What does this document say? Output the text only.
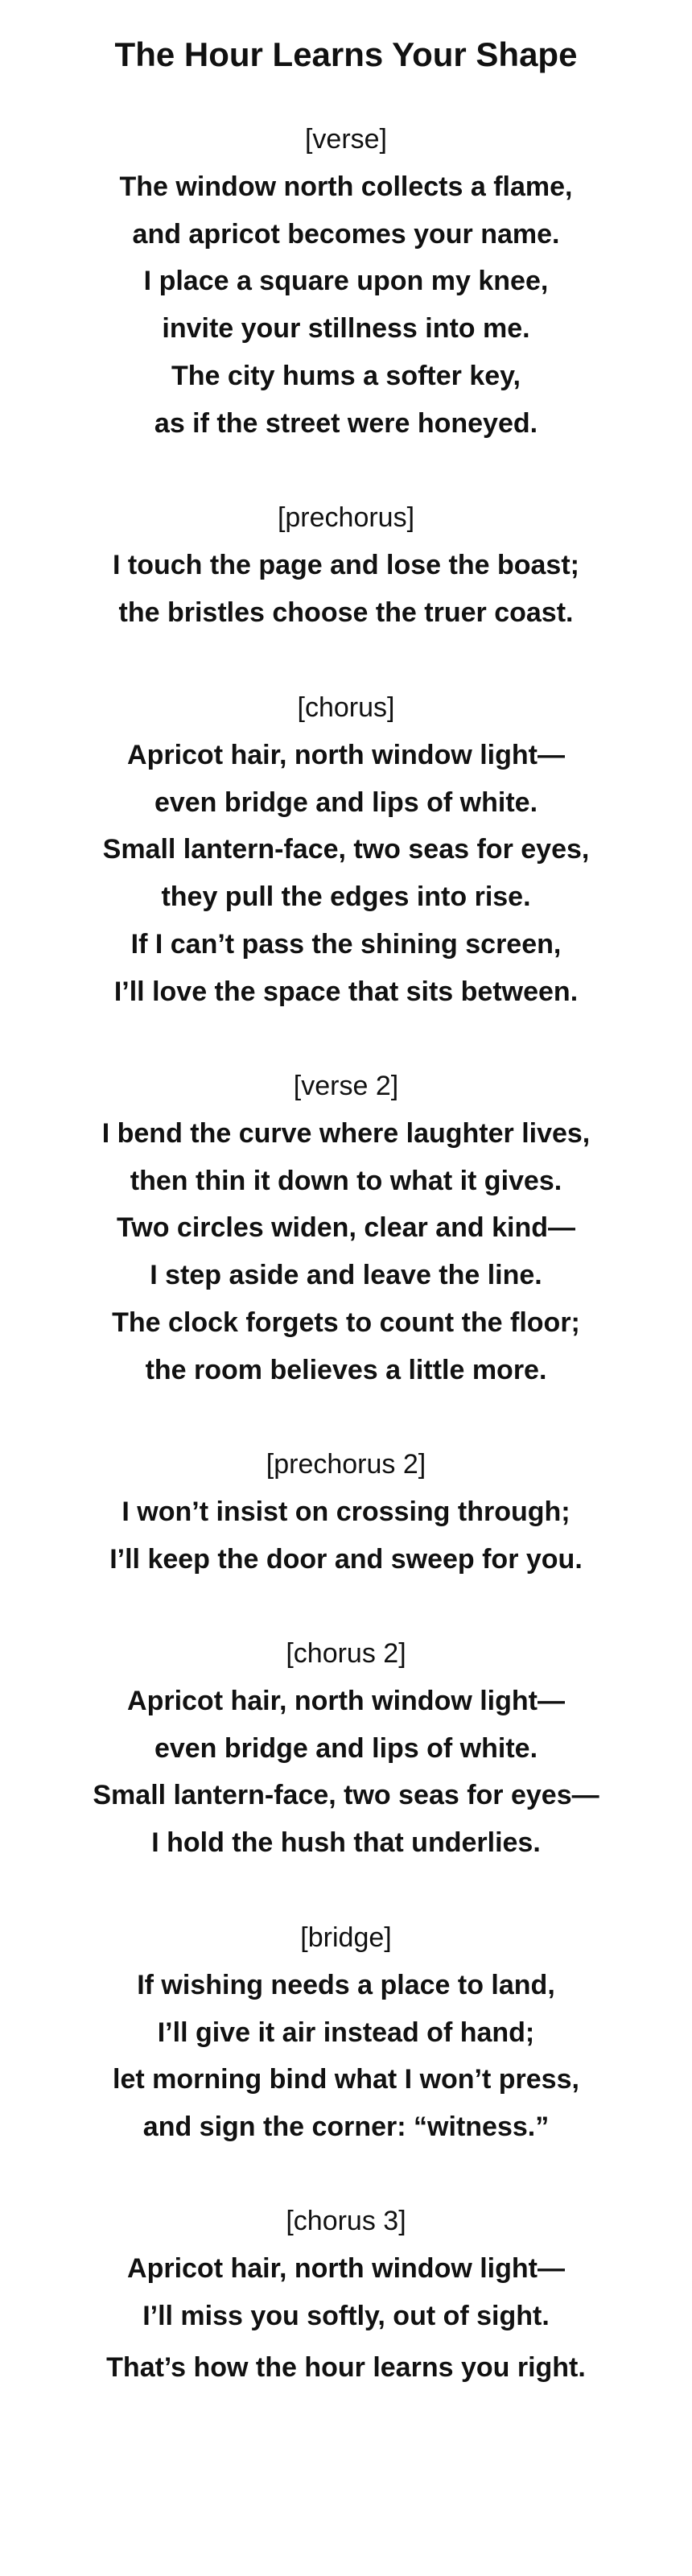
The Hour Learns Your Shape
[verse]
The window north collects a flame,
and apricot becomes your name.
I place a square upon my knee,
invite your stillness into me.
The city hums a softer key,
as if the street were honeyed.
[prechorus]
I touch the page and lose the boast;
the bristles choose the truer coast.
[chorus]
Apricot hair, north window light—
even bridge and lips of white.
Small lantern-face, two seas for eyes,
they pull the edges into rise.
If I can’t pass the shining screen,
I’ll love the space that sits between.
[verse 2]
I bend the curve where laughter lives,
then thin it down to what it gives.
Two circles widen, clear and kind—
I step aside and leave the line.
The clock forgets to count the floor;
the room believes a little more.
[prechorus 2]
I won’t insist on crossing through;
I’ll keep the door and sweep for you.
[chorus 2]
Apricot hair, north window light—
even bridge and lips of white.
Small lantern-face, two seas for eyes—
I hold the hush that underlies.
[bridge]
If wishing needs a place to land,
I’ll give it air instead of hand;
let morning bind what I won’t press,
and sign the corner: “witness.”
[chorus 3]
Apricot hair, north window light—
I’ll miss you softly, out of sight.
That’s how the hour learns you right.
